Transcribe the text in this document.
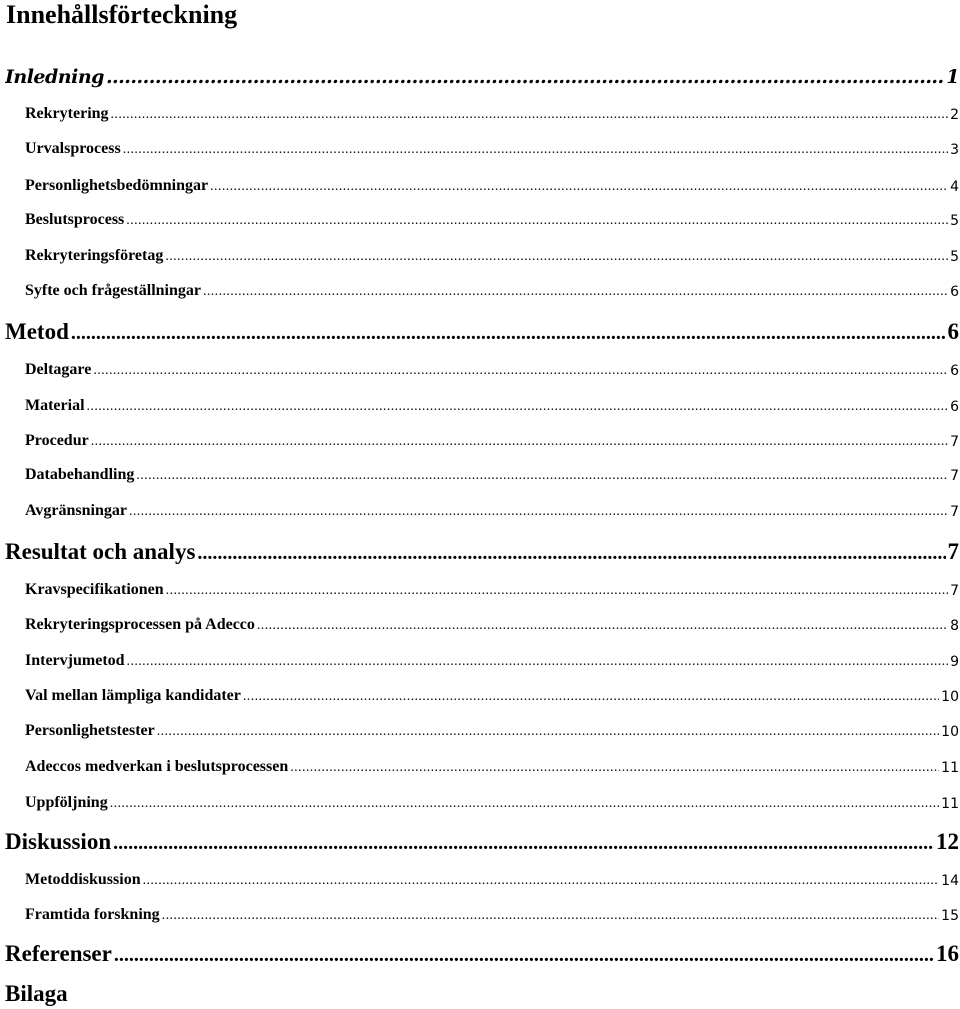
Innehållsförteckning
Inledning .....	1
Rekrytering .....	2
Urvalsprocess .....	3
Personlighetsbedömningar .....	4
Beslutsprocess .....	5
Rekryteringsföretag .....	5
Syfte och frågeställningar .....	6
Metod .....	6
Deltagare .....	6
Material .....	6
Procedur .....	7
Databehandling .....	7
Avgränsningar .....	7
Resultat och analys .....	7
Kravspecifikationen .....	7
Rekryteringsprocessen på Adecco .....	8
Intervjumetod .....	9
Val mellan lämpliga kandidater .....	10
Personlighetstester .....	10
Adeccos medverkan i beslutsprocessen .....	11
Uppföljning .....	11
Diskussion .....	12
Metoddiskussion .....	14
Framtida forskning .....	15
Referenser .....	16
Bilaga
